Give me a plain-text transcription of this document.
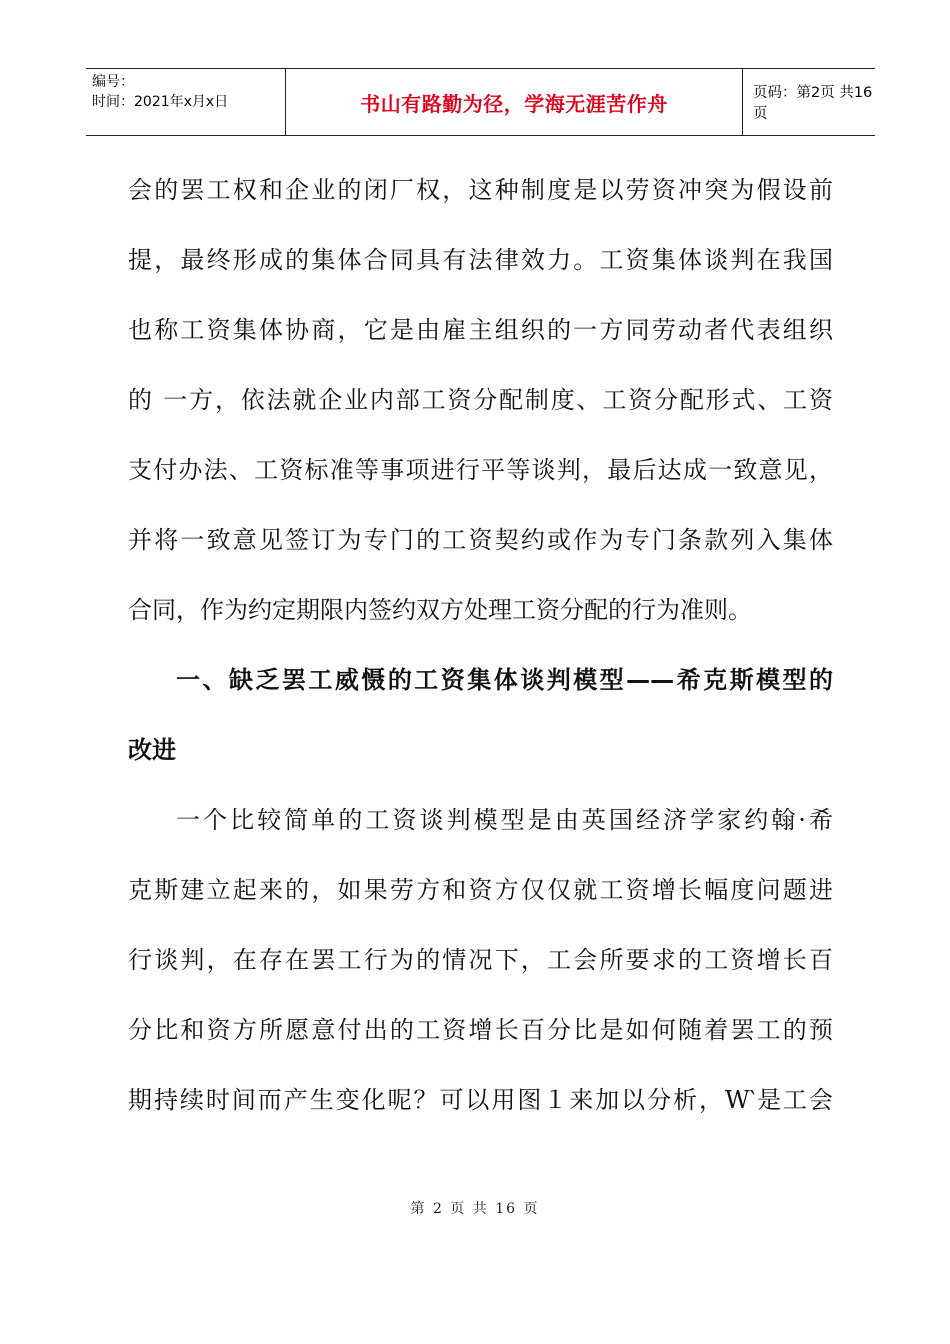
编号：
时间：2021年x月x日	书山有路勤为径，学海无涯苦作舟	页码：第2页 共16页
会的罢工权和企业的闭厂权，这种制度是以劳资冲突为假设前
提，最终形成的集体合同具有法律效力。工资集体谈判在我国
也称工资集体协商，它是由雇主组织的一方同劳动者代表组织
的 一方，依法就企业内部工资分配制度、工资分配形式、工资
支付办法、工资标准等事项进行平等谈判，最后达成一致意见，
并将一致意见签订为专门的工资契约或作为专门条款列入集体
合同，作为约定期限内签约双方处理工资分配的行为准则。
一、缺乏罢工威慑的工资集体谈判模型——希克斯模型的
改进
一个比较简单的工资谈判模型是由英国经济学家约翰·希
克斯建立起来的，如果劳方和资方仅仅就工资增长幅度问题进
行谈判，在存在罢工行为的情况下，工会所要求的工资增长百
分比和资方所愿意付出的工资增长百分比是如何随着罢工的预
期持续时间而产生变化呢？可以用图１来加以分析，W‵是工会
第 2 页 共 16 页
